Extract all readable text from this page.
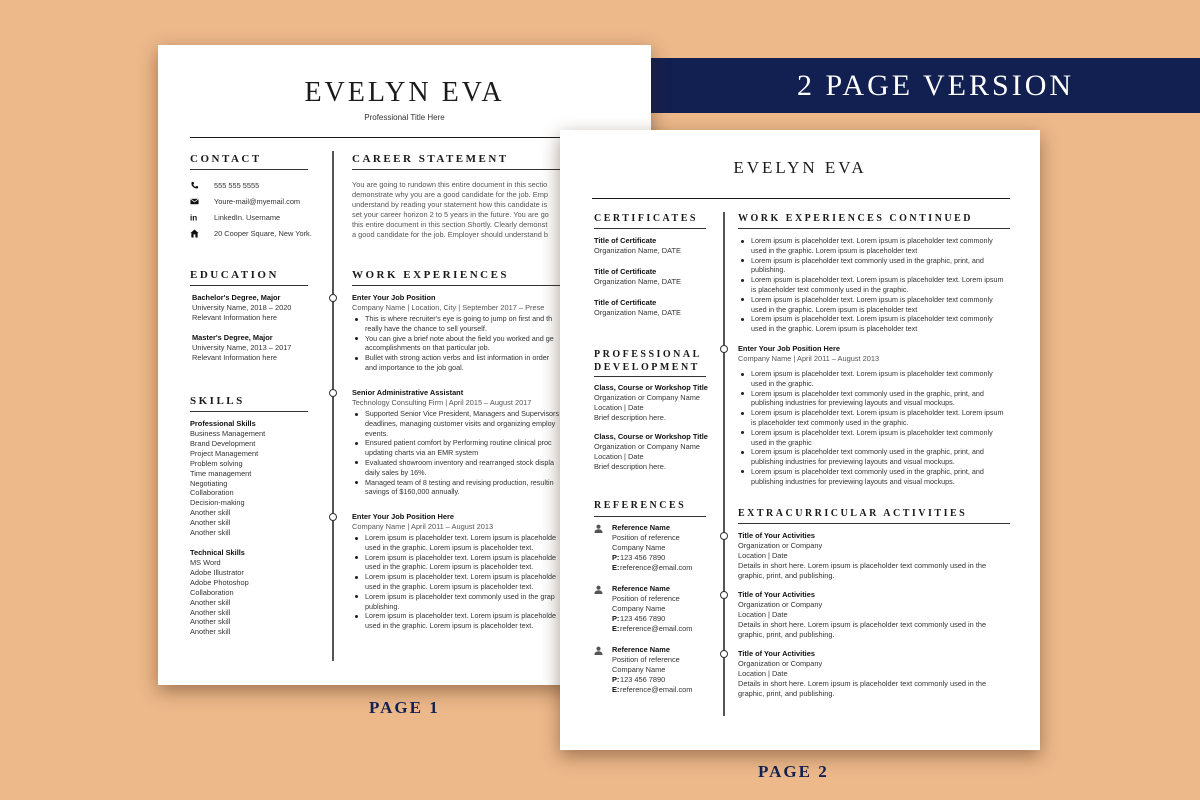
2 PAGE VERSION
EVELYN EVA
Professional Title Here
CONTACT
555 555 5555
Youre-mail@myemail.com
in LinkedIn. Username
20 Cooper Square, New York.
EDUCATION
Bachelor's Degree, Major
University Name, 2018 – 2020
Relevant Information here
Master's Degree, Major
University Name, 2013 – 2017
Relevant Information here
SKILLS
Professional Skills
Technical Skills
CAREER STATEMENT
WORK EXPERIENCES
Business Management
Brand Development
Project Management
Problem solving
Time management
Negotiating
Collaboration
Decision-making
Another skill
Another skill
Another skill
MS Word
Adobe Illustrator
Adobe Photoshop
Collaboration
Another skill
Another skill
Another skill
Another skill
You are going to rundown this entire document in this sectio
demonstrate why you are a good candidate for the job. Emp
understand by reading your statement how this candidate is
set your career horizon 2 to 5 years in the future. You are go
this entire document in this section Shortly. Clearly demonst
a good candidate for the job. Employer should understand b
Enter Your Job Position
Company Name | Location, City | September 2017 – Prese
This is where recruiter's eye is going to jump on first and th
really have the chance to sell yourself.
You can give a brief note about the field you worked and ge
accomplishments on that particular job.
Bullet with strong action verbs and list information in order
and importance to the job goal.
Senior Administrative Assistant
Technology Consulting Firm | April 2015 – August 2017
Supported Senior Vice President, Managers and Supervisors
deadlines, managing customer visits and organizing employ
events.
Ensured patient comfort by Performing routine clinical proc
updating charts via an EMR system
Evaluated showroom inventory and rearranged stock displa
daily sales by 16%.
Managed team of 8 testing and revising production, resultin
savings of $160,000 annually.
Enter Your Job Position Here
Company Name | April 2011 – August 2013
Lorem ipsum is placeholder text. Lorem ipsum is placeholde
used in the graphic. Lorem ipsum is placeholder text.
Lorem ipsum is placeholder text. Lorem ipsum is placeholde
used in the graphic. Lorem ipsum is placeholder text.
Lorem ipsum is placeholder text. Lorem ipsum is placeholde
used in the graphic. Lorem ipsum is placeholder text.
Lorem ipsum is placeholder text commonly used in the grap
publishing.
Lorem ipsum is placeholder text. Lorem ipsum is placeholde
used in the graphic. Lorem ipsum is placeholder text.
PAGE 1
EVELYN EVA
CERTIFICATES
PROFESSIONAL
DEVELOPMENT
REFERENCES
WORK EXPERIENCES CONTINUED
EXTRACURRICULAR ACTIVITIES
Title of Certificate
Organization Name, DATE
Title of Certificate
Organization Name, DATE
Title of Certificate
Organization Name, DATE
Class, Course or Workshop Title
Organization or Company Name
Location | Date
Brief description here.
Class, Course or Workshop Title
Organization or Company Name
Location | Date
Brief description here.
Reference Name
Position of reference
Company Name
P: 123 456 7890
E: reference@email.com
Reference Name
Position of reference
Company Name
P: 123 456 7890
E: reference@email.com
Reference Name
Position of reference
Company Name
P: 123 456 7890
E: reference@email.com
Lorem ipsum is placeholder text. Lorem ipsum is placeholder text commonly
used in the graphic. Lorem ipsum is placeholder text
Lorem ipsum is placeholder text commonly used in the graphic, print, and
publishing.
Lorem ipsum is placeholder text. Lorem ipsum is placeholder text. Lorem ipsum
is placeholder text commonly used in the graphic.
Lorem ipsum is placeholder text. Lorem ipsum is placeholder text commonly
used in the graphic. Lorem ipsum is placeholder text
Lorem ipsum is placeholder text. Lorem ipsum is placeholder text commonly
used in the graphic. Lorem ipsum is placeholder text
Enter Your Job Position Here
Company Name | April 2011 – August 2013
Lorem ipsum is placeholder text. Lorem ipsum is placeholder text commonly
used in the graphic.
Lorem ipsum is placeholder text commonly used in the graphic, print, and
publishing industries for previewing layouts and visual mockups.
Lorem ipsum is placeholder text. Lorem ipsum is placeholder text. Lorem ipsum
is placeholder text commonly used in the graphic.
Lorem ipsum is placeholder text. Lorem ipsum is placeholder text commonly
used in the graphic
Lorem ipsum is placeholder text commonly used in the graphic, print, and
publishing industries for previewing layouts and visual mockups.
Lorem ipsum is placeholder text commonly used in the graphic, print, and
publishing industries for previewing layouts and visual mockups.
Title of Your Activities
Organization or Company
Location | Date
Details in short here. Lorem ipsum is placeholder text commonly used in the
graphic, print, and publishing.
Title of Your Activities
Organization or Company
Location | Date
Details in short here. Lorem ipsum is placeholder text commonly used in the
graphic, print, and publishing.
Title of Your Activities
Organization or Company
Location | Date
Details in short here. Lorem ipsum is placeholder text commonly used in the
graphic, print, and publishing.
PAGE 2
